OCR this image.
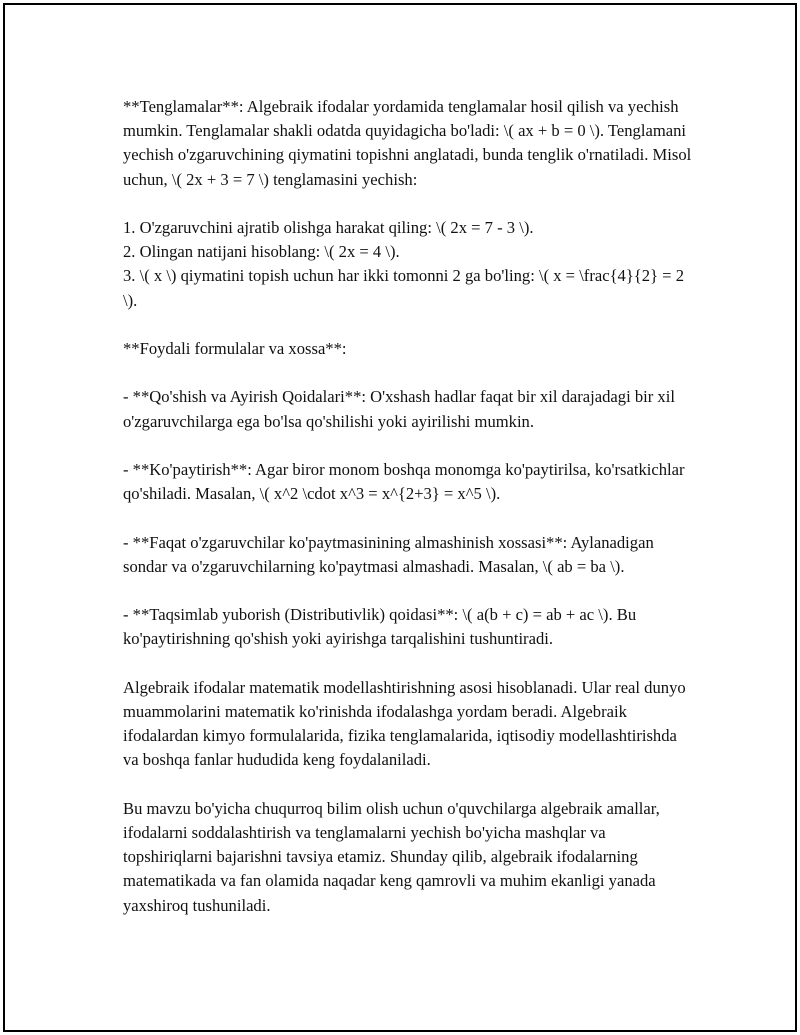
**Tenglamalar**: Algebraik ifodalar yordamida tenglamalar hosil qilish va yechish mumkin. Tenglamalar shakli odatda quyidagicha bo'ladi: \( ax + b = 0 \). Tenglamani yechish o'zgaruvchining qiymatini topishni anglatadi, bunda tenglik o'rnatiladi. Misol uchun, \( 2x + 3 = 7 \) tenglamasini yechish:

1. O'zgaruvchini ajratib olishga harakat qiling: \( 2x = 7 - 3 \).

2. Olingan natijani hisoblang: \( 2x = 4 \).

3. \( x \) qiymatini topish uchun har ikki tomonni 2 ga bo'ling: \( x = \frac{4}{2} = 2 \).

**Foydali formulalar va xossa**:

- **Qo'shish va Ayirish Qoidalari**: O'xshash hadlar faqat bir xil darajadagi bir xil o'zgaruvchilarga ega bo'lsa qo'shilishi yoki ayirilishi mumkin.

- **Ko'paytirish**: Agar biror monom boshqa monomga ko'paytirilsa, ko'rsatkichlar qo'shiladi. Masalan, \( x^2 \cdot x^3 = x^{2+3} = x^5 \).

- **Faqat o'zgaruvchilar ko'paytmasinining almashinish xossasi**: Aylanadigan sondar va o'zgaruvchilarning ko'paytmasi almashadi. Masalan, \( ab = ba \).

- **Taqsimlab yuborish (Distributivlik) qoidasi**: \( a(b + c) = ab + ac \). Bu ko'paytirishning qo'shish yoki ayirishga tarqalishini tushuntiradi.

Algebraik ifodalar matematik modellashtirishning asosi hisoblanadi. Ular real dunyo muammolarini matematik ko'rinishda ifodalashga yordam beradi. Algebraik ifodalardan kimyo formulalarida, fizika tenglamalarida, iqtisodiy modellashtirishda va boshqa fanlar hududida keng foydalaniladi.

Bu mavzu bo'yicha chuqurroq bilim olish uchun o'quvchilarga algebraik amallar, ifodalarni soddalashtirish va tenglamalarni yechish bo'yicha mashqlar va topshiriqlarni bajarishni tavsiya etamiz. Shunday qilib, algebraik ifodalarning matematikada va fan olamida naqadar keng qamrovli va muhim ekanligi yanada yaxshiroq tushuniladi.
